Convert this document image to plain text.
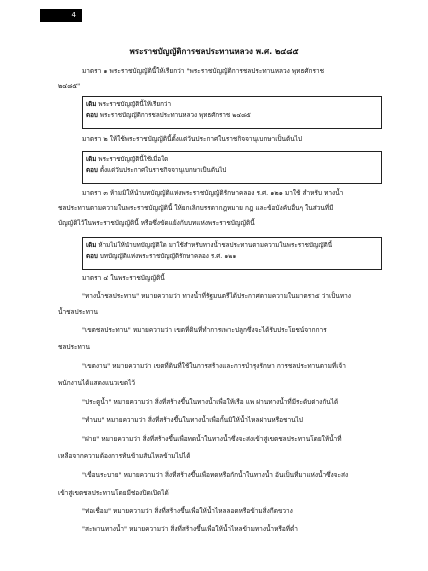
4
พระราชบัญญัติการชลประทานหลวง พ.ศ. ๒๔๘๕
มาตรา ๑ พระราชบัญญัตินี้ให้เรียกว่า "พระราชบัญญัติการชลประทานหลวง พุทธศักราช
๒๔๘๕"
เดิม พระราชบัญญัตินี้ให้เรียกว่า
ตอบ พระราชบัญญัติการชลประทานหลวง พุทธศักราช ๒๔๘๕
มาตรา ๒ ให้ใช้พระราชบัญญัตินี้ตั้งแต่วันประกาศในราชกิจจานุเบกษาเป็นต้นไป
เดิม พระราชบัญญัตินี้ใช้เมื่อใด
ตอบ ตั้งแต่วันประกาศในราชกิจจานุเบกษาเป็นต้นไป
มาตรา ๓ ห้ามมิให้นำบทบัญญัติแห่งพระราชบัญญัติรักษาคลอง ร.ศ. ๑๒๑ มาใช้ สำหรับ ทางน้ำ
ชลประทานตามความในพระราชบัญญัตินี้ ให้ยกเลิกบรรดากฎหมาย กฎ และข้อบังคับอื่นๆ ในส่วนที่มี
บัญญัติไว้ในพระราชบัญญัตินี้ หรือซึ่งขัดแย้งกับบทแห่งพระราชบัญญัตินี้
เดิม ห้ามไม่ให้นำบทบัญญัติใด มาใช้สำหรับทางน้ำชลประทานตามความในพระราชบัญญัตินี้
ตอบ บทบัญญัติแห่งพระราชบัญญัติรักษาคลอง ร.ศ. ๑๒๑
มาตรา ๔ ในพระราชบัญญัตินี้
"ทางน้ำชลประทาน" หมายความว่า ทางน้ำที่รัฐมนตรีได้ประกาศตามความในมาตรา๕ ว่าเป็นทาง
น้ำชลประทาน
"เขตชลประทาน" หมายความว่า เขตที่ดินที่ทำการเพาะปลูกซึ่งจะได้รับประโยชน์จากการ
ชลประทาน
"เขตงาน" หมายความว่า เขตที่ดินที่ใช้ในการสร้างและการบำรุงรักษา การชลประทานตามที่เจ้า
พนักงานได้แสดงแนวเขตไว้
"ประตูน้ำ" หมายความว่า สิ่งที่สร้างขึ้นในทางน้ำเพื่อให้เรือ แพ ผ่านทางน้ำที่มีระดับต่างกันได้
"ทำนบ" หมายความว่า สิ่งที่สร้างขึ้นในทางน้ำเพื่อกั้นมิให้น้ำไหลผ่านหรือชานไป
"ฝาย" หมายความว่า สิ่งที่สร้างขึ้นเพื่อทดน้ำในทางน้ำซึ่งจะส่งเข้าสู่เขตชลประทานโดยให้น้ำที่
เหลือจากความต้องการท้นข้ามสันไหลข้ามไปได้
"เขื่อนระบาย" หมายความว่า สิ่งที่สร้างขึ้นเพื่อทดหรือกักน้ำในทางน้ำ อันเป็นที่มาแห่งน้ำซึ่งจะส่ง
เข้าสู่เขตชลประทานโดยมีช่องปิดเปิดได้
"ท่อเชื่อม" หมายความว่า สิ่งที่สร้างขึ้นเพื่อให้น้ำไหลลอดหรือข้ามสิ่งกีดขวาง
"สะพานทางน้ำ" หมายความว่า สิ่งที่สร้างขึ้นเพื่อให้น้ำไหลข้ามทางน้ำหรือที่ต่ำ
